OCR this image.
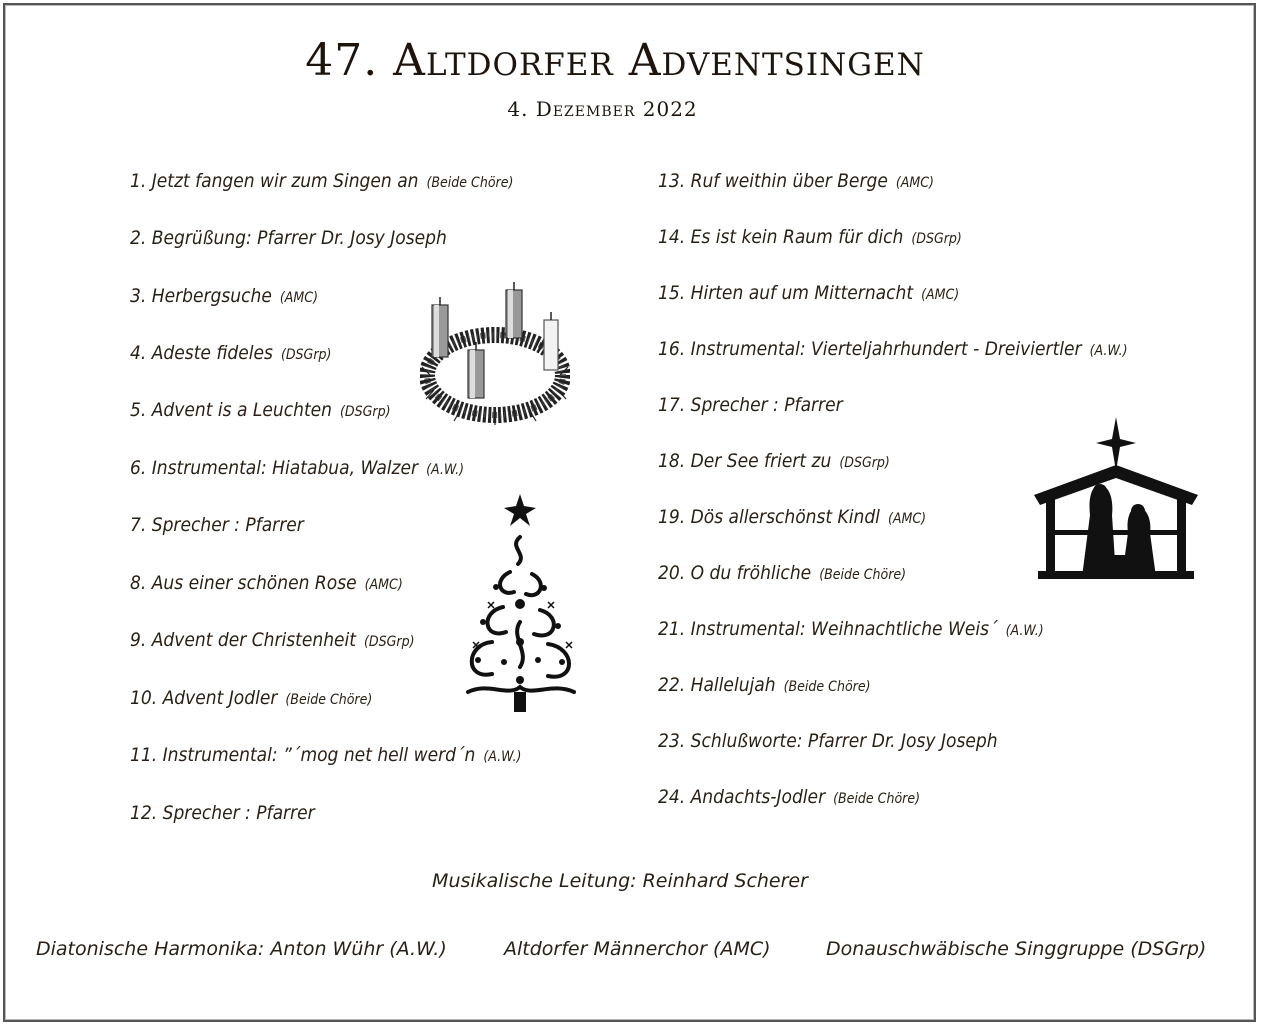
47. Altdorfer Adventsingen
4. Dezember 2022
1. Jetzt fangen wir zum Singen an (Beide Chöre)
2. Begrüßung: Pfarrer Dr. Josy Joseph
3. Herbergsuche (AMC)
4. Adeste fideles (DSGrp)
5. Advent is a Leuchten (DSGrp)
6. Instrumental: Hiatabua, Walzer (A.W.)
7. Sprecher : Pfarrer
8. Aus einer schönen Rose (AMC)
9. Advent der Christenheit (DSGrp)
10. Advent Jodler (Beide Chöre)
11. Instrumental: ”´mog net hell werd´n (A.W.)
12. Sprecher : Pfarrer
13. Ruf weithin über Berge (AMC)
14. Es ist kein Raum für dich (DSGrp)
15. Hirten auf um Mitternacht (AMC)
16. Instrumental: Vierteljahrhundert - Dreiviertler (A.W.)
17. Sprecher : Pfarrer
18. Der See friert zu (DSGrp)
19. Dös allerschönst Kindl (AMC)
20. O du fröhliche (Beide Chöre)
21. Instrumental: Weihnachtliche Weis´ (A.W.)
22. Hallelujah (Beide Chöre)
23. Schlußworte: Pfarrer Dr. Josy Joseph
24. Andachts-Jodler (Beide Chöre)
Musikalische Leitung: Reinhard Scherer
Diatonische Harmonika: Anton Wühr (A.W.)	Altdorfer Männerchor (AMC)	Donauschwäbische Singgruppe (DSGrp)
